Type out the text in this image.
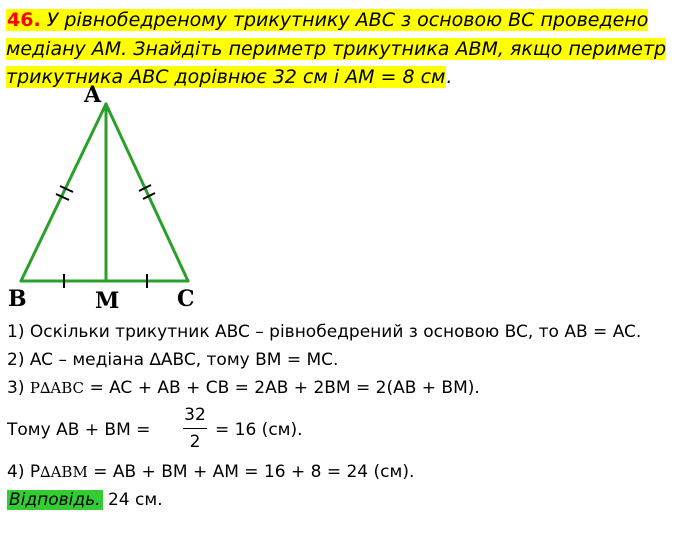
46. У рівнобедреному трикутнику ABC з основою BC проведено медіану AM. Знайдіть периметр трикутника ABM, якщо периметр трикутника ABC дорівнює 32 см і AM = 8 см.
A
B	M	C

1) Оскільки трикутник ABC – рівнобедрений з основою BC, то AB = AC.

2) AC – медіана ∆ABC, тому BM = MC.

3) P∆ABC = AC + AB + CB = 2AB + 2BM = 2(AB + BM).

Тому AB + BM =
32
2
= 16 (см).

4) P∆ABM = AB + BM + AM = 16 + 8 = 24 (см).

Відповідь. 24 см.
